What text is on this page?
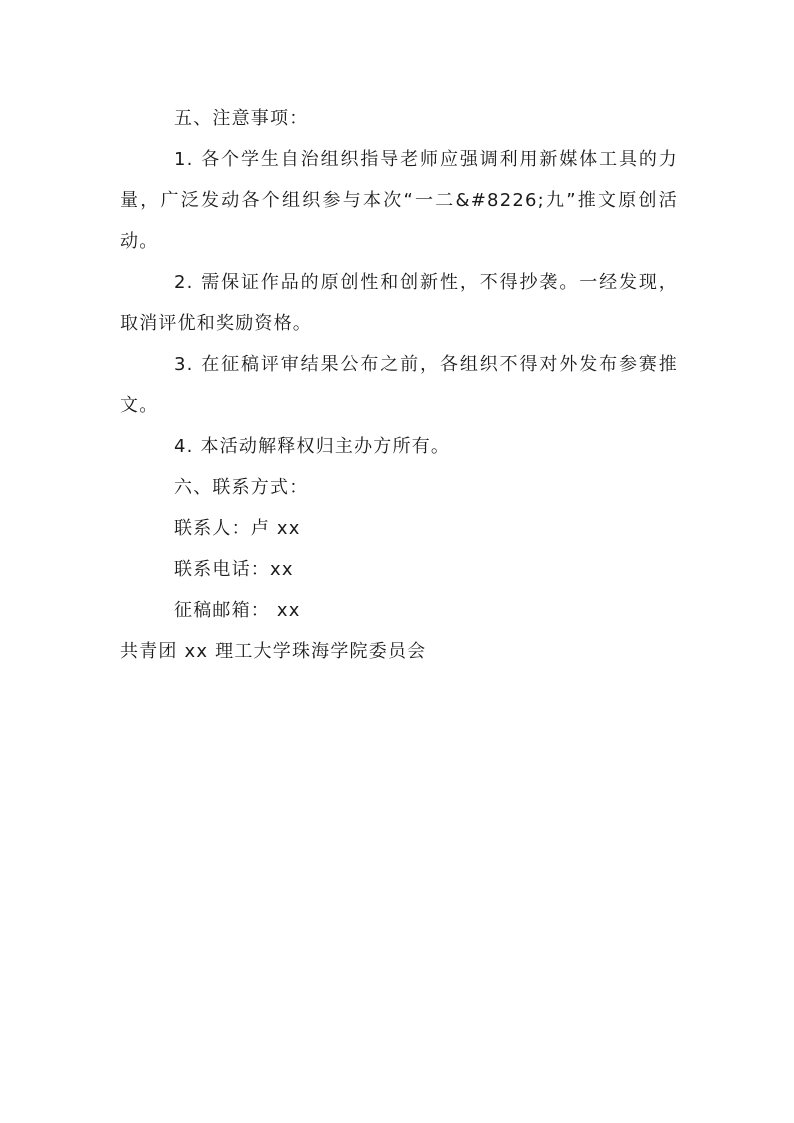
五、注意事项：

1. 各个学生自治组织指导老师应强调利用新媒体工具的力量，广泛发动各个组织参与本次“一二&#8226;九”推文原创活动。

2. 需保证作品的原创性和创新性，不得抄袭。一经发现，取消评优和奖励资格。

3. 在征稿评审结果公布之前，各组织不得对外发布参赛推文。

4. 本活动解释权归主办方所有。

六、联系方式：

联系人：卢 xx

联系电话：xx

征稿邮箱： xx

共青团 xx 理工大学珠海学院委员会
